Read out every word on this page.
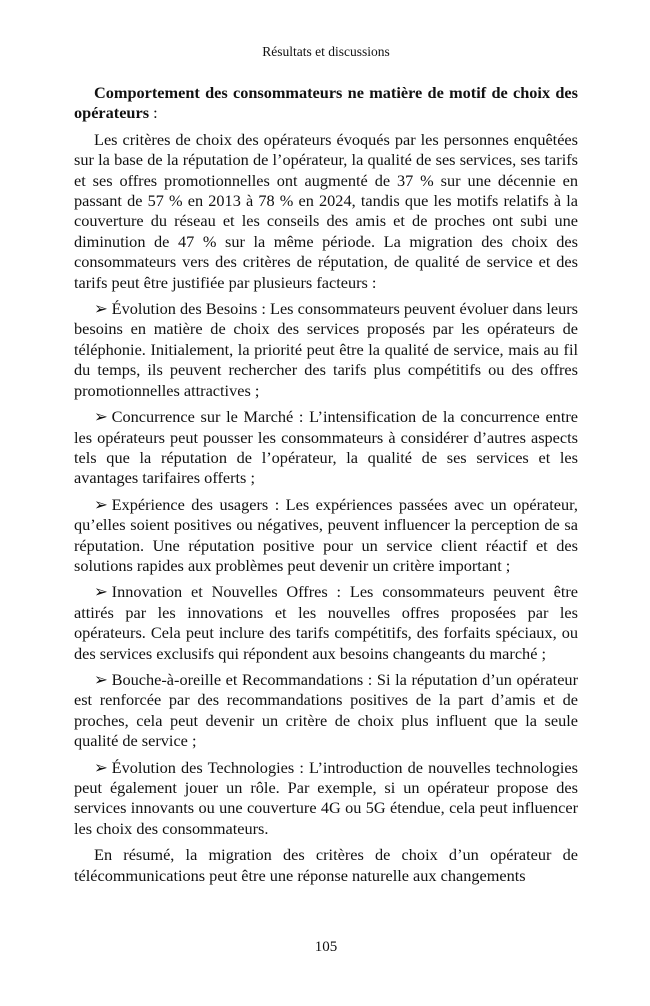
Résultats et discussions

Comportement des consommateurs ne matière de motif de choix des opérateurs :

Les critères de choix des opérateurs évoqués par les personnes enquêtées sur la base de la réputation de l’opérateur, la qualité de ses services, ses tarifs et ses offres promotionnelles ont augmenté de 37 % sur une décennie en passant de 57 % en 2013 à 78 % en 2024, tandis que les motifs relatifs à la couverture du réseau et les conseils des amis et de proches ont subi une diminution de 47 % sur la même période. La migration des choix des consommateurs vers des critères de réputation, de qualité de service et des tarifs peut être justifiée par plusieurs facteurs :

➢ Évolution des Besoins : Les consommateurs peuvent évoluer dans leurs besoins en matière de choix des services proposés par les opérateurs de téléphonie. Initialement, la priorité peut être la qualité de service, mais au fil du temps, ils peuvent rechercher des tarifs plus compétitifs ou des offres promotionnelles attractives ;

➢ Concurrence sur le Marché : L’intensification de la concurrence entre les opérateurs peut pousser les consommateurs à considérer d’autres aspects tels que la réputation de l’opérateur, la qualité de ses services et les avantages tarifaires offerts ;

➢ Expérience des usagers : Les expériences passées avec un opérateur, qu’elles soient positives ou négatives, peuvent influencer la perception de sa réputation. Une réputation positive pour un service client réactif et des solutions rapides aux problèmes peut devenir un critère important ;

➢ Innovation et Nouvelles Offres : Les consommateurs peuvent être attirés par les innovations et les nouvelles offres proposées par les opérateurs. Cela peut inclure des tarifs compétitifs, des forfaits spéciaux, ou des services exclusifs qui répondent aux besoins changeants du marché ;

➢ Bouche-à-oreille et Recommandations : Si la réputation d’un opérateur est renforcée par des recommandations positives de la part d’amis et de proches, cela peut devenir un critère de choix plus influent que la seule qualité de service ;

➢ Évolution des Technologies : L’introduction de nouvelles technologies peut également jouer un rôle. Par exemple, si un opérateur propose des services innovants ou une couverture 4G ou 5G étendue, cela peut influencer les choix des consommateurs.

En résumé, la migration des critères de choix d’un opérateur de télécommunications peut être une réponse naturelle aux changements

105
